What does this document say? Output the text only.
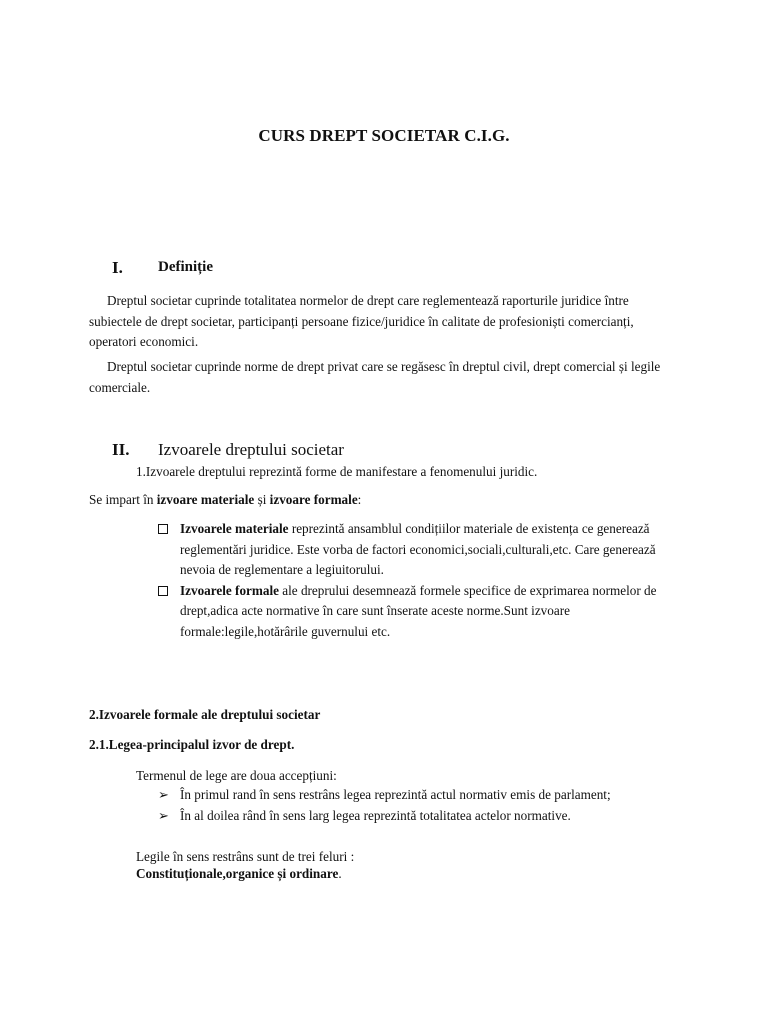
CURS DREPT SOCIETAR C.I.G.
I. Definiție
Dreptul societar cuprinde totalitatea normelor de drept care reglementează raporturile juridice între subiectele de drept societar, participanți persoane fizice/juridice în calitate de profesioniști comercianți, operatori economici.
Dreptul societar cuprinde norme de drept privat care se regăsesc în dreptul civil, drept comercial și legile comerciale.
II. Izvoarele dreptului societar
1.Izvoarele dreptului reprezintă forme de manifestare a fenomenului juridic.
Se impart în izvoare materiale și izvoare formale:
Izvoarele materiale reprezintă ansamblul condițiilor materiale de existența ce generează reglementări juridice. Este vorba de factori economici,sociali,culturali,etc. Care generează nevoia de reglementare a legiuitorului.
Izvoarele formale ale dreprului desemnează formele specifice de exprimarea normelor de drept,adica acte normative în care sunt înserate aceste norme.Sunt izvoare formale:legile,hotărârile guvernului etc.
2.Izvoarele formale ale dreptului societar
2.1.Legea-principalul izvor de drept.
Termenul de lege are doua accepțiuni:
➢ În primul rand în sens restrâns legea reprezintă actul normativ emis de parlament;
➢ În al doilea rând în sens larg legea reprezintă totalitatea actelor normative.
Legile în sens restrâns sunt de trei feluri :
Constituționale,organice și ordinare.
